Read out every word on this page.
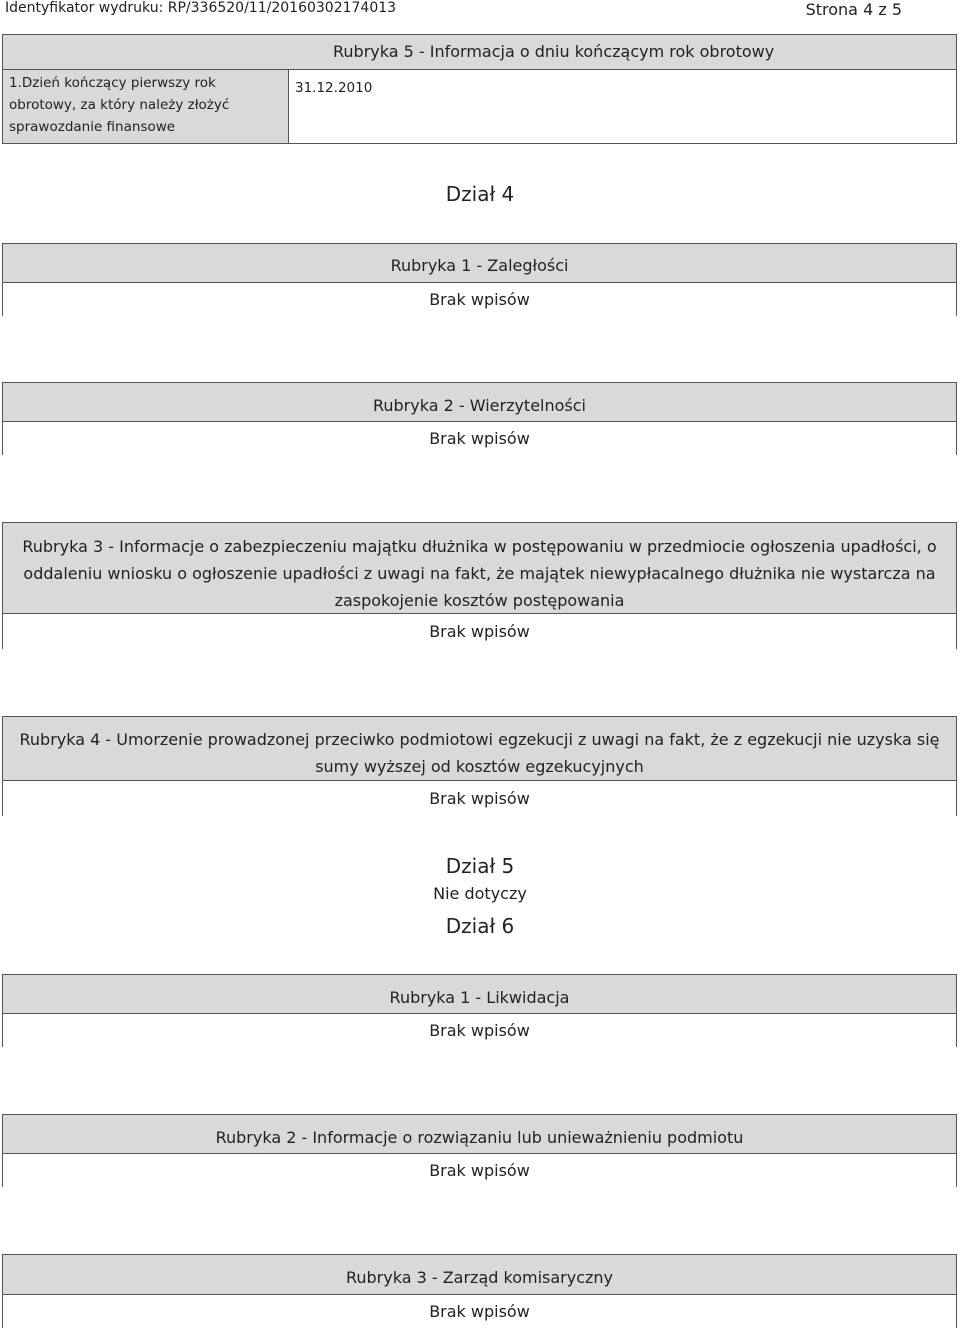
Identyfikator wydruku: RP/336520/11/20160302174013	Strona 4 z 5
Rubryka 5 - Informacja o dniu kończącym rok obrotowy
1.Dzień kończący pierwszy rok obrotowy, za który należy złożyć sprawozdanie finansowe
31.12.2010
Dział 4
Rubryka 1 - Zaległości
Brak wpisów
Rubryka 2 - Wierzytelności
Brak wpisów
Rubryka 3 - Informacje o zabezpieczeniu majątku dłużnika w postępowaniu w przedmiocie ogłoszenia upadłości, o oddaleniu wniosku o ogłoszenie upadłości z uwagi na fakt, że majątek niewypłacalnego dłużnika nie wystarcza na zaspokojenie kosztów postępowania
Brak wpisów
Rubryka 4 - Umorzenie prowadzonej przeciwko podmiotowi egzekucji z uwagi na fakt, że z egzekucji nie uzyska się sumy wyższej od kosztów egzekucyjnych
Brak wpisów
Dział 5
Nie dotyczy
Dział 6
Rubryka 1 - Likwidacja
Brak wpisów
Rubryka 2 - Informacje o rozwiązaniu lub unieważnieniu podmiotu
Brak wpisów
Rubryka 3 - Zarząd komisaryczny
Brak wpisów
